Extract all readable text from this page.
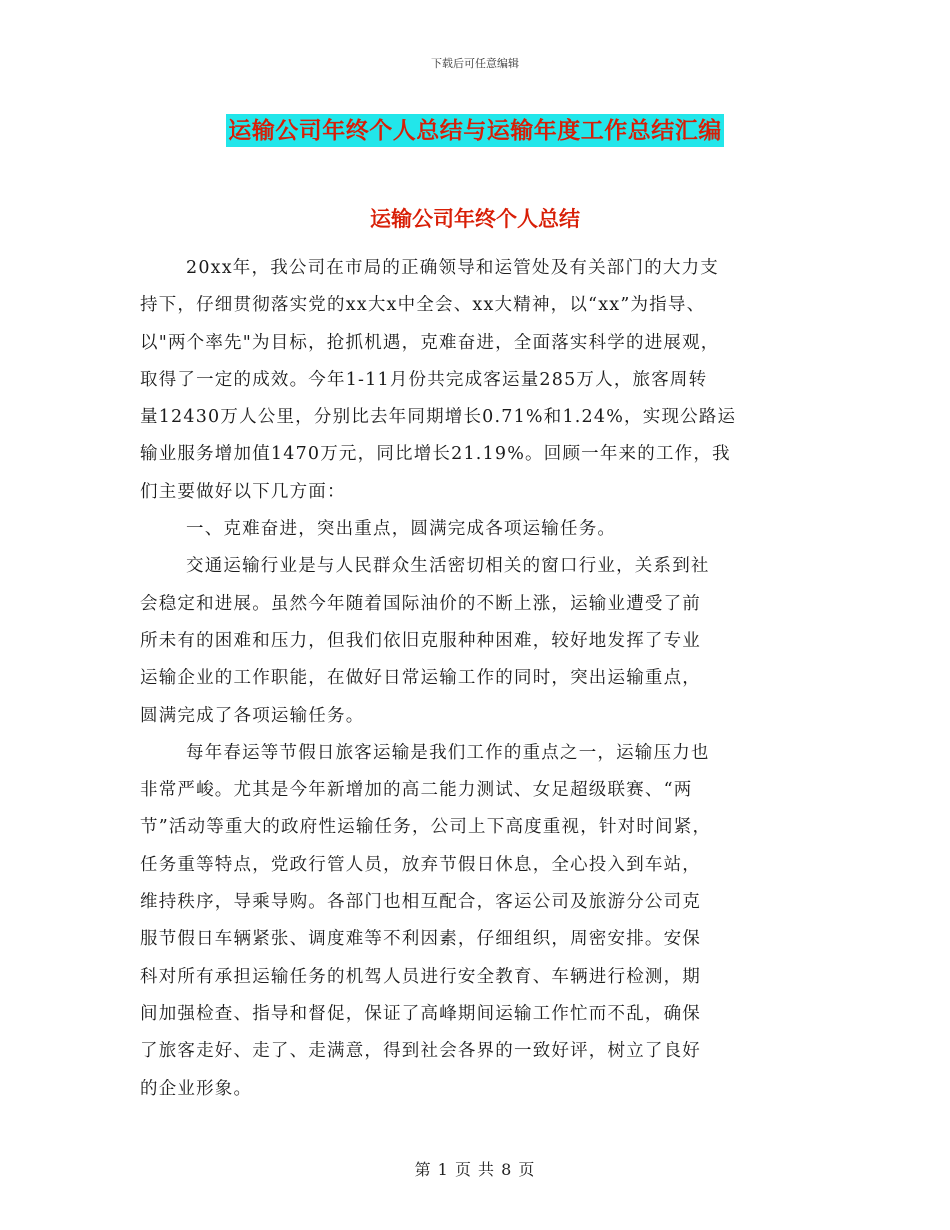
下载后可任意编辑
运输公司年终个人总结与运输年度工作总结汇编
运输公司年终个人总结
20xx年，我公司在市局的正确领导和运管处及有关部门的大力支
持下，仔细贯彻落实党的xx大x中全会、xx大精神，以“xx”为指导、
以"两个率先"为目标，抢抓机遇，克难奋进，全面落实科学的进展观，
取得了一定的成效。今年1-11月份共完成客运量285万人，旅客周转
量12430万人公里，分别比去年同期增长0.71%和1.24%，实现公路运
输业服务增加值1470万元，同比增长21.19%。回顾一年来的工作，我
们主要做好以下几方面：
一、克难奋进，突出重点，圆满完成各项运输任务。
交通运输行业是与人民群众生活密切相关的窗口行业，关系到社
会稳定和进展。虽然今年随着国际油价的不断上涨，运输业遭受了前
所未有的困难和压力，但我们依旧克服种种困难，较好地发挥了专业
运输企业的工作职能，在做好日常运输工作的同时，突出运输重点，
圆满完成了各项运输任务。
每年春运等节假日旅客运输是我们工作的重点之一，运输压力也
非常严峻。尤其是今年新增加的高二能力测试、女足超级联赛、“两
节”活动等重大的政府性运输任务，公司上下高度重视，针对时间紧，
任务重等特点，党政行管人员，放弃节假日休息，全心投入到车站，
维持秩序，导乘导购。各部门也相互配合，客运公司及旅游分公司克
服节假日车辆紧张、调度难等不利因素，仔细组织，周密安排。安保
科对所有承担运输任务的机驾人员进行安全教育、车辆进行检测，期
间加强检查、指导和督促，保证了高峰期间运输工作忙而不乱，确保
了旅客走好、走了、走满意，得到社会各界的一致好评，树立了良好
的企业形象。
第 1 页 共 8 页
